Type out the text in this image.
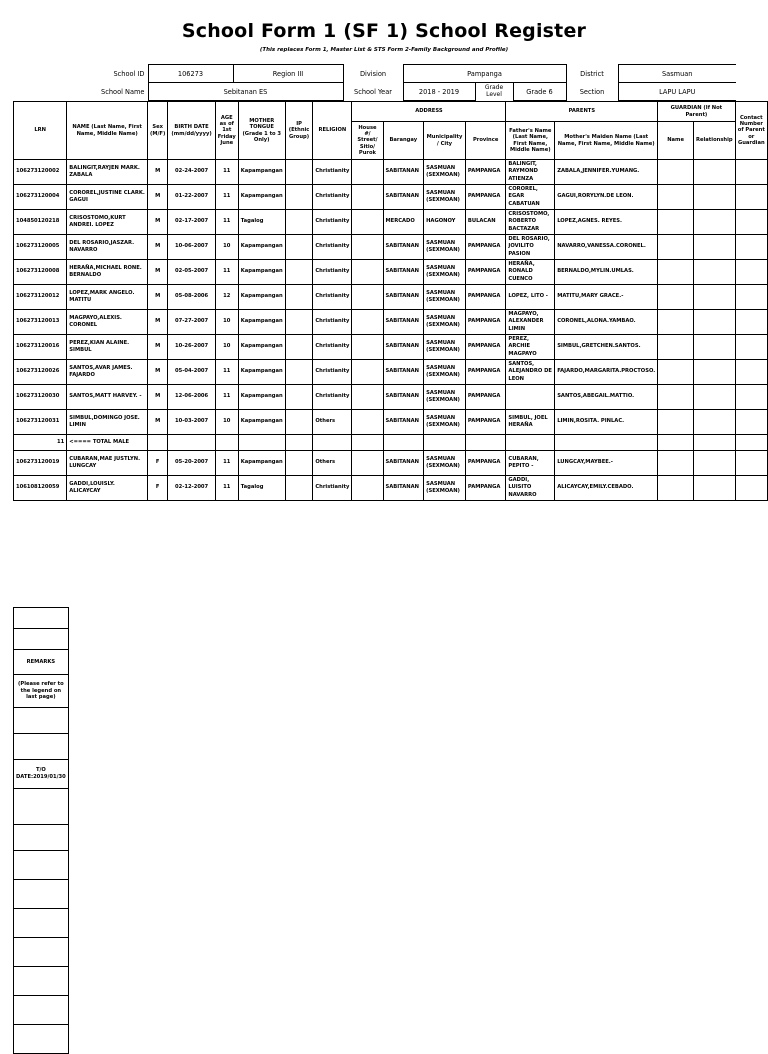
School Form 1 (SF 1) School Register
(This replaces Form 1, Master List & STS Form 2-Family Background and Profile)
School ID	106273	Region III	Division	Pampanga	District	Sasmuan
School Name	Sebitanan ES	School Year	2018 - 2019	Grade Level	Grade 6	Section	LAPU LAPU
LRN	NAME (Last Name, First Name, Middle Name)	Sex (M/F)	BIRTH DATE (mm/dd/yyyy)	AGE as of 1st Friday June	MOTHER TONGUE (Grade 1 to 3 Only)	IP (Ethnic Group)	RELIGION	ADDRESS				PARENTS		GUARDIAN (If Not Parent)		Contact Number of Parent or Guardian
								House #/ Street/ Sitio/ Purok	Barangay	Municipality / City	Province	Father's Name (Last Name, First Name, Middle Name)	Mother's Maiden Name (Last Name, First Name, Middle Name)	Name	Relationship	
106273120002	BALINGIT,RAYJEN MARK. ZABALA	M	02-24-2007	11	Kapampangan		Christianity		SABITANAN	SASMUAN (SEXMOAN)	PAMPANGA	BALINGIT, RAYMOND ATIENZA	ZABALA,JENNIFER.YUMANG.			
106273120004	COROREL,JUSTINE CLARK. GAGUI	M	01-22-2007	11	Kapampangan		Christianity		SABITANAN	SASMUAN (SEXMOAN)	PAMPANGA	COROREL, EGAR CABATUAN	GAGUI,RORYLYN.DE LEON.			
104850120218	CRISOSTOMO,KURT ANDREI. LOPEZ	M	02-17-2007	11	Tagalog		Christianity		MERCADO	HAGONOY	BULACAN	CRISOSTOMO, ROBERTO BACTAZAR	LOPEZ,AGNES. REYES.			
106273120005	DEL ROSARIO,JASZAR. NAVARRO	M	10-06-2007	10	Kapampangan		Christianity		SABITANAN	SASMUAN (SEXMOAN)	PAMPANGA	DEL ROSARIO, JOVILITO PASION	NAVARRO,VANESSA.CORONEL.			
106273120008	HERAÑA,MICHAEL RONE. BERNALDO	M	02-05-2007	11	Kapampangan		Christianity		SABITANAN	SASMUAN (SEXMOAN)	PAMPANGA	HERAÑA, RONALD CUENCO	BERNALDO,MYLIN.UMLAS.			
106273120012	LOPEZ,MARK ANGELO. MATITU	M	05-08-2006	12	Kapampangan		Christianity		SABITANAN	SASMUAN (SEXMOAN)	PAMPANGA	LOPEZ, LITO -	MATITU,MARY GRACE.-			
106273120013	MAGPAYO,ALEXIS. CORONEL	M	07-27-2007	10	Kapampangan		Christianity		SABITANAN	SASMUAN (SEXMOAN)	PAMPANGA	MAGPAYO, ALEXANDER LIMIN	CORONEL,ALONA.YAMBAO.			
106273120016	PEREZ,KIAN ALAINE. SIMBUL	M	10-26-2007	10	Kapampangan		Christianity		SABITANAN	SASMUAN (SEXMOAN)	PAMPANGA	PEREZ, ARCHIE MAGPAYO	SIMBUL,GRETCHEN.SANTOS.			
106273120026	SANTOS,AVAR JAMES. FAJARDO	M	05-04-2007	11	Kapampangan		Christianity		SABITANAN	SASMUAN (SEXMOAN)	PAMPANGA	SANTOS, ALEJANDRO DE LEON	FAJARDO,MARGARITA.PROCTOSO.			
106273120030	SANTOS,MATT HARVEY. -	M	12-06-2006	11	Kapampangan		Christianity		SABITANAN	SASMUAN (SEXMOAN)	PAMPANGA		SANTOS,ABEGAIL.MATTIO.			
106273120031	SIMBUL,DOMINGO JOSE. LIMIN	M	10-03-2007	10	Kapampangan		Others		SABITANAN	SASMUAN (SEXMOAN)	PAMPANGA	SIMBUL, JOEL HERAÑA	LIMIN,ROSITA. PINLAC.			
11	<==== TOTAL MALE															
106273120019	CUBARAN,MAE JUSTLYN. LUNGCAY	F	05-20-2007	11	Kapampangan		Others		SABITANAN	SASMUAN (SEXMOAN)	PAMPANGA	CUBARAN, PEPITO -	LUNGCAY,MAYBEE.-			
106108120059	GADDI,LOUISLY. ALICAYCAY	F	02-12-2007	11	Tagalog		Christianity		SABITANAN	SASMUAN (SEXMOAN)	PAMPANGA	GADDI, LUISITO NAVARRO	ALICAYCAY,EMILY.CEBADO.			

REMARKS
(Please refer to the legend on last page)

T/O DATE:2019/01/30
